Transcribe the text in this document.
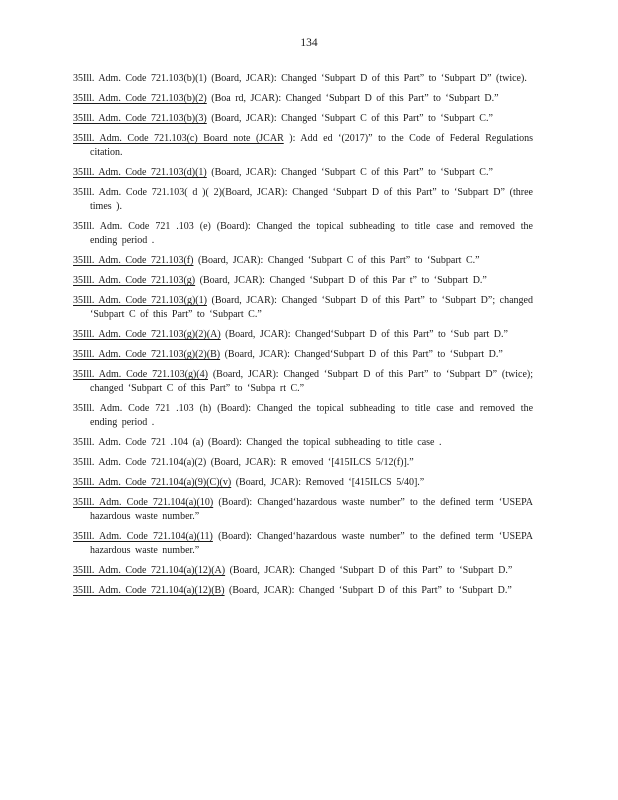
134
35Ill. Adm. Code 721.103(b)(1) (Board, JCAR): Changed ‘Subpart D of this Part” to ‘Subpart D” (twice).
35Ill. Adm. Code 721.103(b)(2) (Boa rd, JCAR): Changed ‘Subpart D of this Part” to ‘Subpart D.”
35Ill. Adm. Code 721.103(b)(3) (Board, JCAR): Changed ‘Subpart C of this Part” to ‘Subpart C.”
35Ill. Adm. Code 721.103(c) Board note (JCAR ): Add ed ‘(2017)” to the Code of Federal Regulations citation.
35Ill. Adm. Code 721.103(d)(1) (Board, JCAR): Changed ‘Subpart C of this Part” to ‘Subpart C.”
35Ill. Adm. Code 721.103( d )( 2)(Board, JCAR): Changed ‘Subpart D of this Part” to ‘Subpart D” (three times ).
35Ill. Adm. Code 721 .103 (e) (Board): Changed the topical subheading to title case and removed the ending period .
35Ill. Adm. Code 721.103(f) (Board, JCAR): Changed ‘Subpart C of this Part” to ‘Subpart C.”
35Ill. Adm. Code 721.103(g) (Board, JCAR): Changed ‘Subpart D of this Par t” to ‘Subpart D.”
35Ill. Adm. Code 721.103(g)(1) (Board, JCAR): Changed ‘Subpart D of this Part” to ‘Subpart D”; changed ‘Subpart C of this Part” to ‘Subpart C.”
35Ill. Adm. Code 721.103(g)(2)(A) (Board, JCAR): Changed‘Subpart D of this Part” to ‘Sub part D.”
35Ill. Adm. Code 721.103(g)(2)(B) (Board, JCAR): Changed‘Subpart D of this Part” to ‘Subpart D.”
35Ill. Adm. Code 721.103(g)(4) (Board, JCAR): Changed ‘Subpart D of this Part” to ‘Subpart D” (twice); changed ‘Subpart C of this Part” to ‘Subpa rt C.”
35Ill. Adm. Code 721 .103 (h) (Board): Changed the topical subheading to title case and removed the ending period .
35Ill. Adm. Code 721 .104 (a) (Board): Changed the topical subheading to title case .
35Ill. Adm. Code 721.104(a)(2) (Board, JCAR): R emoved ‘[415ILCS 5/12(f)].”
35Ill. Adm. Code 721.104(a)(9)(C)(v) (Board, JCAR): Removed ‘[415ILCS 5/40].”
35Ill. Adm. Code 721.104(a)(10) (Board): Changed‘hazardous waste number” to the defined term ‘USEPA hazardous waste number.”
35Ill. Adm. Code 721.104(a)(11) (Board): Changed‘hazardous waste number” to the defined term ‘USEPA hazardous waste number.”
35Ill. Adm. Code 721.104(a)(12)(A) (Board, JCAR): Changed ‘Subpart D of this Part” to ‘Subpart D.”
35Ill. Adm. Code 721.104(a)(12)(B) (Board, JCAR): Changed ‘Subpart D of this Part” to ‘Subpart D.”
